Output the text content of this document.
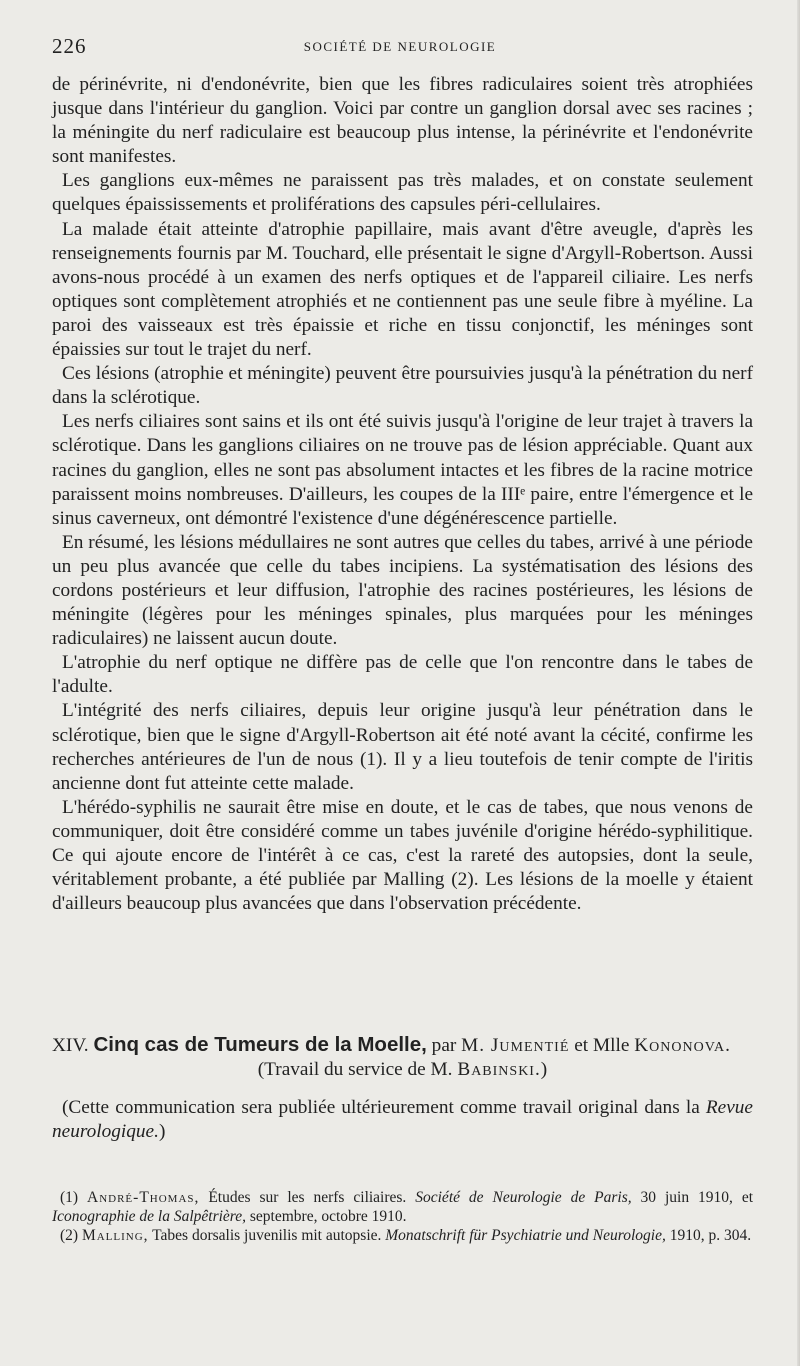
226	SOCIÉTÉ DE NEUROLOGIE

de périnévrite, ni d'endonévrite, bien que les fibres radiculaires soient très atrophiées jusque dans l'intérieur du ganglion. Voici par contre un ganglion dorsal avec ses racines ; la méningite du nerf radiculaire est beaucoup plus intense, la périnévrite et l'endonévrite sont manifestes.

Les ganglions eux-mêmes ne paraissent pas très malades, et on constate seulement quelques épaississements et proliférations des capsules péri-cellulaires.

La malade était atteinte d'atrophie papillaire, mais avant d'être aveugle, d'après les renseignements fournis par M. Touchard, elle présentait le signe d'Argyll-Robertson. Aussi avons-nous procédé à un examen des nerfs optiques et de l'appareil ciliaire. Les nerfs optiques sont complètement atrophiés et ne contiennent pas une seule fibre à myéline. La paroi des vaisseaux est très épaissie et riche en tissu conjonctif, les méninges sont épaissies sur tout le trajet du nerf.

Ces lésions (atrophie et méningite) peuvent être poursuivies jusqu'à la pénétration du nerf dans la sclérotique.

Les nerfs ciliaires sont sains et ils ont été suivis jusqu'à l'origine de leur trajet à travers la sclérotique. Dans les ganglions ciliaires on ne trouve pas de lésion appréciable. Quant aux racines du ganglion, elles ne sont pas absolument intactes et les fibres de la racine motrice paraissent moins nombreuses. D'ailleurs, les coupes de la IIIᵉ paire, entre l'émergence et le sinus caverneux, ont démontré l'existence d'une dégénérescence partielle.

En résumé, les lésions médullaires ne sont autres que celles du tabes, arrivé à une période un peu plus avancée que celle du tabes incipiens. La systématisation des lésions des cordons postérieurs et leur diffusion, l'atrophie des racines postérieures, les lésions de méningite (légères pour les méninges spinales, plus marquées pour les méninges radiculaires) ne laissent aucun doute.

L'atrophie du nerf optique ne diffère pas de celle que l'on rencontre dans le tabes de l'adulte.

L'intégrité des nerfs ciliaires, depuis leur origine jusqu'à leur pénétration dans le sclérotique, bien que le signe d'Argyll-Robertson ait été noté avant la cécité, confirme les recherches antérieures de l'un de nous (1). Il y a lieu toutefois de tenir compte de l'iritis ancienne dont fut atteinte cette malade.

L'hérédo-syphilis ne saurait être mise en doute, et le cas de tabes, que nous venons de communiquer, doit être considéré comme un tabes juvénile d'origine hérédo-syphilitique. Ce qui ajoute encore de l'intérêt à ce cas, c'est la rareté des autopsies, dont la seule, véritablement probante, a été publiée par Malling (2). Les lésions de la moelle y étaient d'ailleurs beaucoup plus avancées que dans l'observation précédente.

XIV. Cinq cas de Tumeurs de la Moelle, par M. Jumentié et Mlle Kononova.
(Travail du service de M. Babinski.)
(Cette communication sera publiée ultérieurement comme travail original dans la Revue neurologique.)

(1) André-Thomas, Études sur les nerfs ciliaires. Société de Neurologie de Paris, 30 juin 1910, et Iconographie de la Salpêtrière, septembre, octobre 1910.

(2) Malling, Tabes dorsalis juvenilis mit autopsie. Monatschrift für Psychiatrie und Neurologie, 1910, p. 304.
